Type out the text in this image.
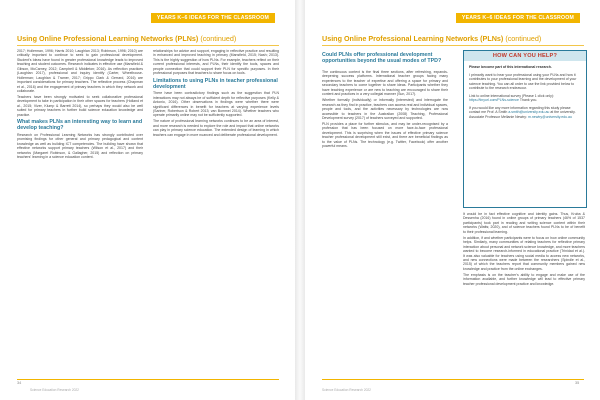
YEARS K–6 IDEAS FOR THE CLASSROOM
Using Online Professional Learning Networks (PLNs) (continued)

2017; Hollerman, 1996; Harris 2010; Laughlan 2013; Robinson, 1996; 2010) are critically important to continue to seek to gain professional development. Student's Ideas have found in greater professional knowledge leads to improved teaching and student outcomes. Research indicates in effective use (Mansfield & Gibson, McCarney, 2012; Campbell & Middleton; 2016). As reflection practices (Laughlan 2017), professional and inquiry identify (Carter, Wheelhouse-Hollerman; Laughlan & Tramer, 2017; Grippo Clark & Gerrard, 2016) are important considerations for primary teachers. The reflective process (Chapman et al., 2016) and the engagement of primary teachers in which they network and collaborate.

Teachers have been strongly motivated to seek collaborative professional development to take in participation in their other spaces for teachers (Holland et al., 2015; Vizer, Klump & Barrett 2014), so perhaps they would also be well suited for primary teachers in further build science education knowledge and practice.

What makes PLNs an interesting way to learn and develop teaching?

Research on Professional Learning Networks has strongly contributed over promising findings for other general and primary pedagogical and content knowledge as well as building ICT competencies. The building have shown that effective networks support primary teachers (Wilson et al., 2017) and their networks (Margaret Robinson, & Gallagher, 2015) and reflection on primary teachers' learning in a science education content.

relationships for advice and support, engaging in reflective practice and resulting in enhanced and improved teaching in primary (Mansfield, 2015; Nash; 2013). This is the highly suggestion of how PLNs. For example, teachers reflect on their current professional interests, and PLNs, their identify the tools, spaces and people connection that could support their PLN for specific purposes. In their professional purposes that teachers to share focus on tools.

Limitations to using PLNs in teacher professional development

There have been contradictory findings such as the suggestion that PLN interactions may not always be of sufficient depth for reflective purposes (Kelly & Antonio, 2016). Other observations in findings were whether there were significant differences in benefit for teachers at varying experience levels (Sariner, Robertson & Robert 2013; van Bommel 2014). Whether teachers who operate primarily online may not be sufficiently supported.

The nature of professional learning networks continues to be an area of interest, and more research is needed to explore the role and impact that online networks can play in primary science education. The extended design of learning in which teachers can engage in more nuanced and deliberate professional development.

34
Science Education Research 2022
YEARS K–6 IDEAS FOR THE CLASSROOM
Using Online Professional Learning Networks (PLNs) (continued)
HOW CAN YOU HELP?

Please become part of this international research.

I primarily want to hear your professional using your PLNs and how it contributes to your professional learning and the development of your science teaching. You can all order to use the link provided below to contribute to the research endeavour.

Link to online international survey (Please 1 click only): https://tinyurl.com/PLNs-science Thank you.

If you would like any more information regarding this study please contact me Prof. A Smith a.smith@university.edu.au at the university. Associate Professor Mellanie Newtry: m.newtry@university.edu.au

Could PLNs offer professional development opportunities beyond the usual modes of TPD?

The continuous context is the final three sections, after refreshing, expands-deepening success platforms. International teacher groups facing many experiences to the teacher of expertise and offering a space for primary and secondary teachers to come together to share ideas. Participants whether they have teaching experience or are new to teaching are encouraged to share their content and practices in a very collegial manner (Sun, 2017).

Whether formally (individually) or informally (interested) and interrogate the research as they find in practice, teachers can access real and individual spaces, people and tools, and the activities necessary by technologies are now accessible to teachers in the Australian (2008) Teaching, Professional Development survey (2017) of teachers surveyed and supported.

PLN provides a place for further stimulus, and may be under-recognised by a profession that has been focused on more face-to-face professional development. This is surprising when the issues of effective primary science teacher professional development still exist, and there are beneficial findings as to the value of PLNs. The technology (e.g. Twitter, Facebook) offer another powerful means.

It would be in fact effective cognitive and identity gains. Thus, Kruba & Dessenha (2016) found in online groups of primary teachers (46% of 1537 participants) took part in reading and writing science content within their networks (Watts; 2020), and of science teachers found PLNs to be of benefit to their professional learning.

In addition, if and whether participants were to focus on how online community helps. Similarly, many communities of relating teachers for reflective primary interaction about personal and network science knowledge, and more teachers wanted to become research-informed in educational practice (Trinidad et al.). It was also valuable for teachers using social media to access new networks, and new connections were made between the researchers (Spindle et al., 2015) of which the teachers report that community members gained new knowledge and practice from the online exchanges.

The emphasis is on the teacher's ability to engage and make use of the information available, and further knowledge will lead to effective primary teacher professional development practice and knowledge.

35
Science Education Research 2022
